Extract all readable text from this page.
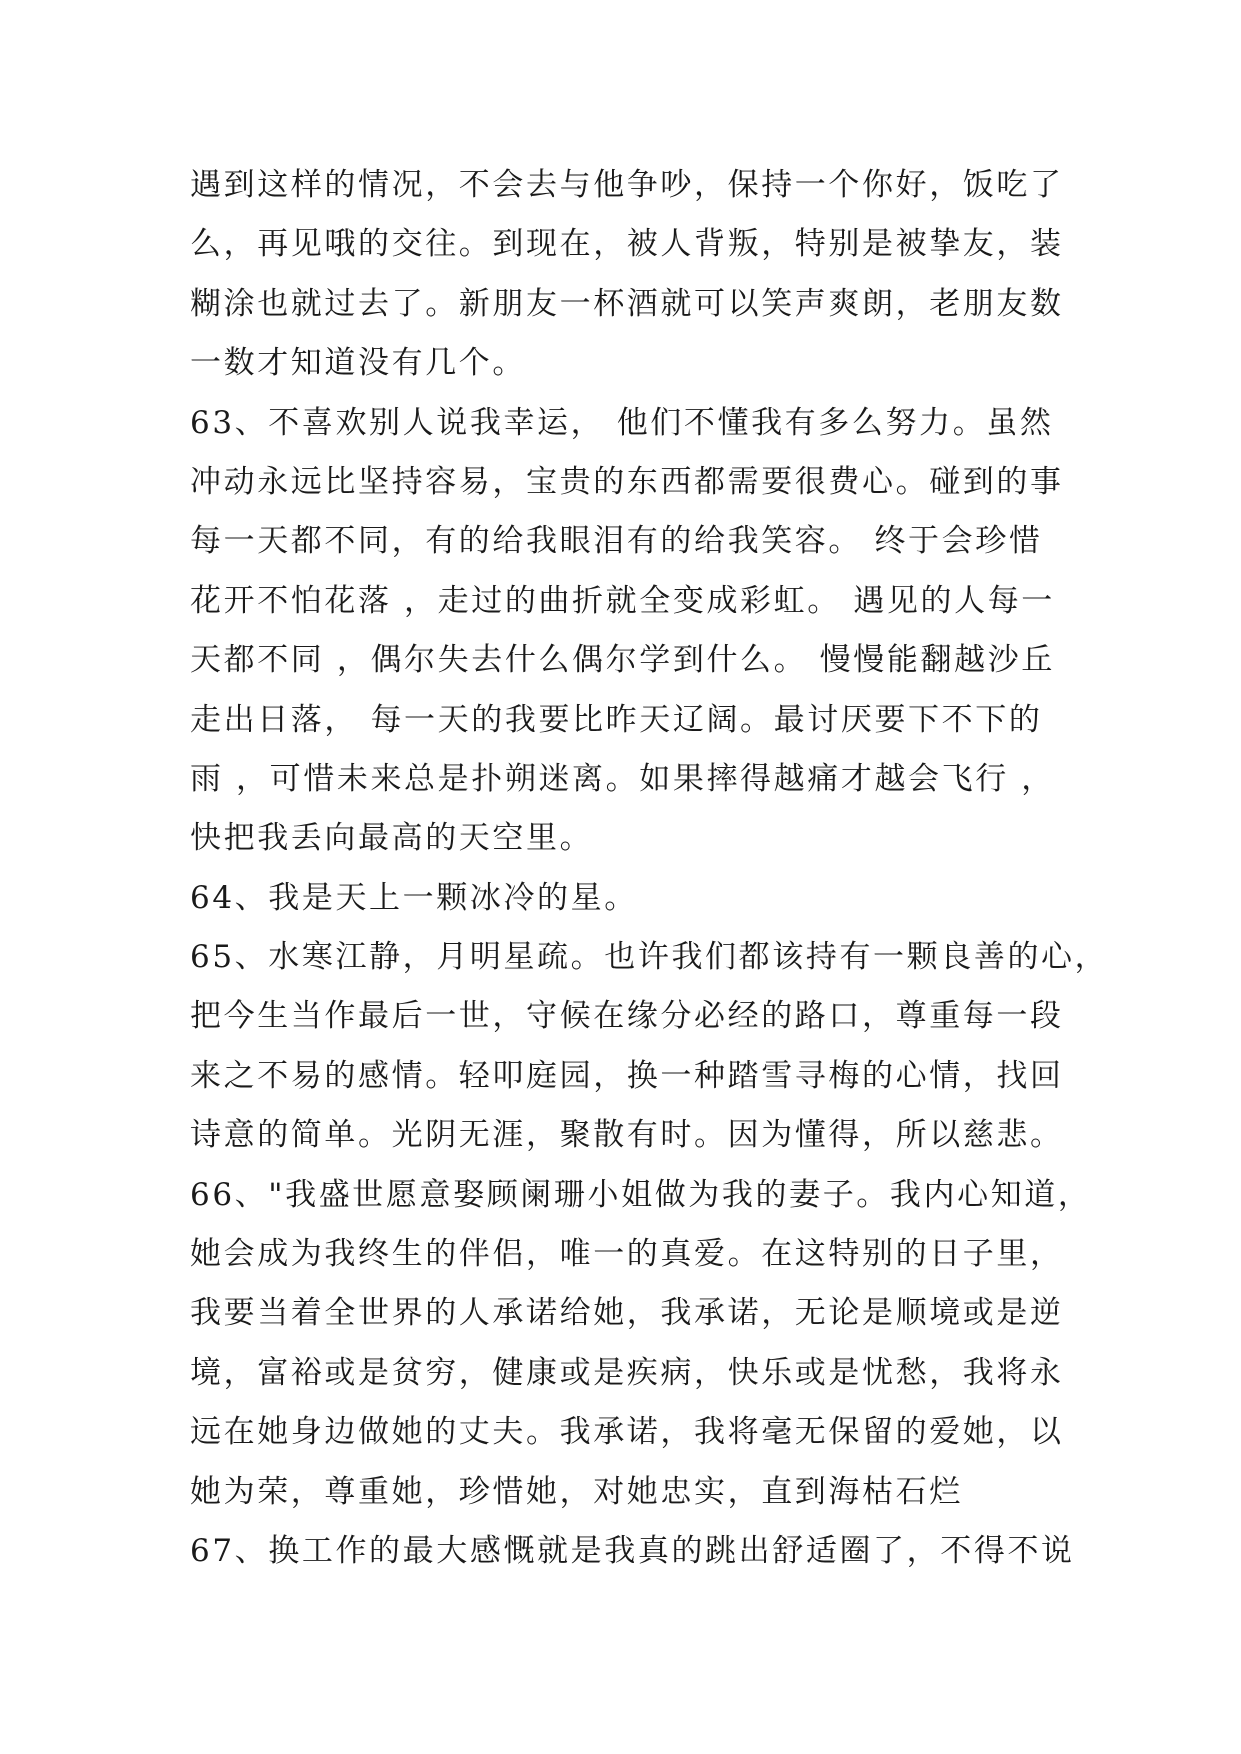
遇到这样的情况，不会去与他争吵，保持一个你好，饭吃了
么，再见哦的交往。到现在，被人背叛，特别是被挚友，装
糊涂也就过去了。新朋友一杯酒就可以笑声爽朗，老朋友数
一数才知道没有几个。
63、不喜欢别人说我幸运， 他们不懂我有多么努力。虽然
冲动永远比坚持容易，宝贵的东西都需要很费心。碰到的事
每一天都不同，有的给我眼泪有的给我笑容。 终于会珍惜
花开不怕花落 ，走过的曲折就全变成彩虹。 遇见的人每一
天都不同 ，偶尔失去什么偶尔学到什么。 慢慢能翻越沙丘
走出日落， 每一天的我要比昨天辽阔。最讨厌要下不下的
雨 ，可惜未来总是扑朔迷离。如果摔得越痛才越会飞行 ，
快把我丢向最高的天空里。
64、我是天上一颗冰冷的星。
65、水寒江静，月明星疏。也许我们都该持有一颗良善的心，
把今生当作最后一世，守候在缘分必经的路口，尊重每一段
来之不易的感情。轻叩庭园，换一种踏雪寻梅的心情，找回
诗意的简单。光阴无涯，聚散有时。因为懂得，所以慈悲。
66、"我盛世愿意娶顾阑珊小姐做为我的妻子。我内心知道，
她会成为我终生的伴侣，唯一的真爱。在这特别的日子里，
我要当着全世界的人承诺给她，我承诺，无论是顺境或是逆
境，富裕或是贫穷，健康或是疾病，快乐或是忧愁，我将永
远在她身边做她的丈夫。我承诺，我将毫无保留的爱她，以
她为荣，尊重她，珍惜她，对她忠实，直到海枯石烂
67、换工作的最大感慨就是我真的跳出舒适圈了，不得不说
